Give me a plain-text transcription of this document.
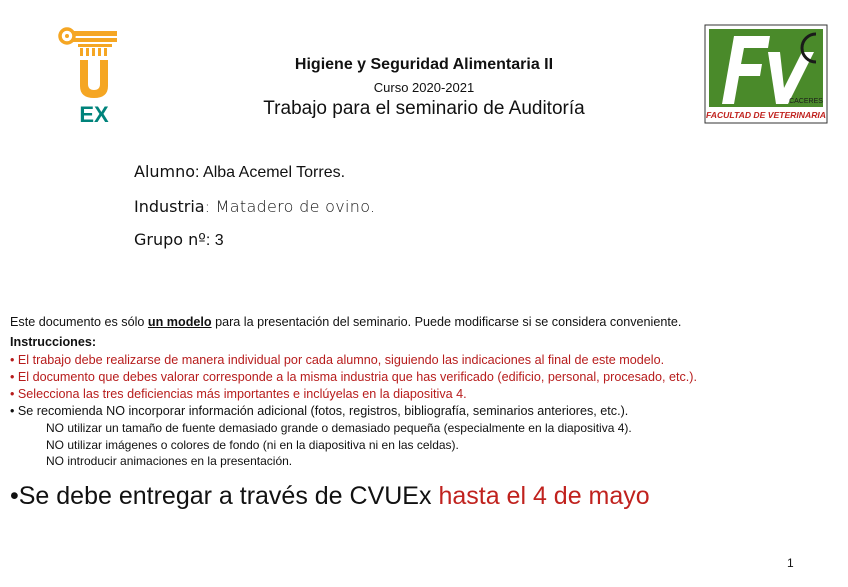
EX
CACERES
FACULTAD DE VETERINARIA
Higiene y Seguridad Alimentaria II
Curso 2020-2021
Trabajo para el seminario de Auditoría
Alumno: Alba Acemel Torres.
Industria: Matadero de ovino.
Grupo nº: 3
Este documento es sólo un modelo para la presentación del seminario. Puede modificarse si se considera conveniente.
Instrucciones:
• El trabajo debe realizarse de manera individual por cada alumno, siguiendo las indicaciones al final de este modelo.
• El documento que debes valorar corresponde a la misma industria que has verificado (edificio, personal, procesado, etc.).
• Selecciona las tres deficiencias más importantes e inclúyelas en la diapositiva 4.
• Se recomienda NO incorporar información adicional (fotos, registros, bibliografía, seminarios anteriores, etc.).
NO utilizar un tamaño de fuente demasiado grande o demasiado pequeña (especialmente en la diapositiva 4).
NO utilizar imágenes o colores de fondo (ni en la diapositiva ni en las celdas).
NO introducir animaciones en la presentación.
•Se debe entregar a través de CVUEx hasta el 4 de mayo
1
